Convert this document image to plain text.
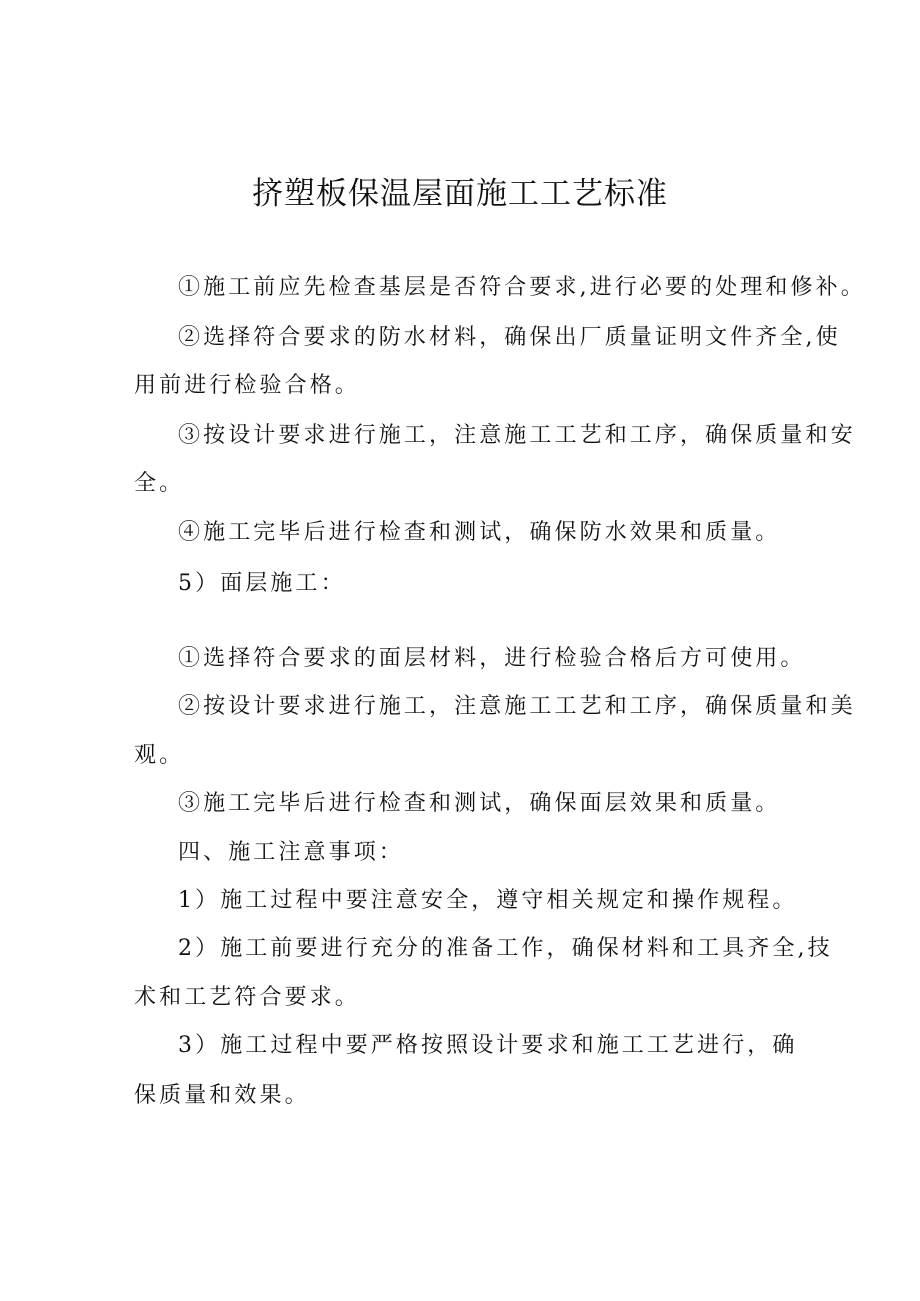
挤塑板保温屋面施工工艺标准
①施工前应先检查基层是否符合要求,进行必要的处理和修补。
②选择符合要求的防水材料，确保出厂质量证明文件齐全,使
用前进行检验合格。
③按设计要求进行施工，注意施工工艺和工序，确保质量和安
全。
④施工完毕后进行检查和测试，确保防水效果和质量。
5）面层施工：
①选择符合要求的面层材料，进行检验合格后方可使用。
②按设计要求进行施工，注意施工工艺和工序，确保质量和美
观。
③施工完毕后进行检查和测试，确保面层效果和质量。
四、施工注意事项：
1）施工过程中要注意安全，遵守相关规定和操作规程。
2）施工前要进行充分的准备工作，确保材料和工具齐全,技
术和工艺符合要求。
3）施工过程中要严格按照设计要求和施工工艺进行，确
保质量和效果。
